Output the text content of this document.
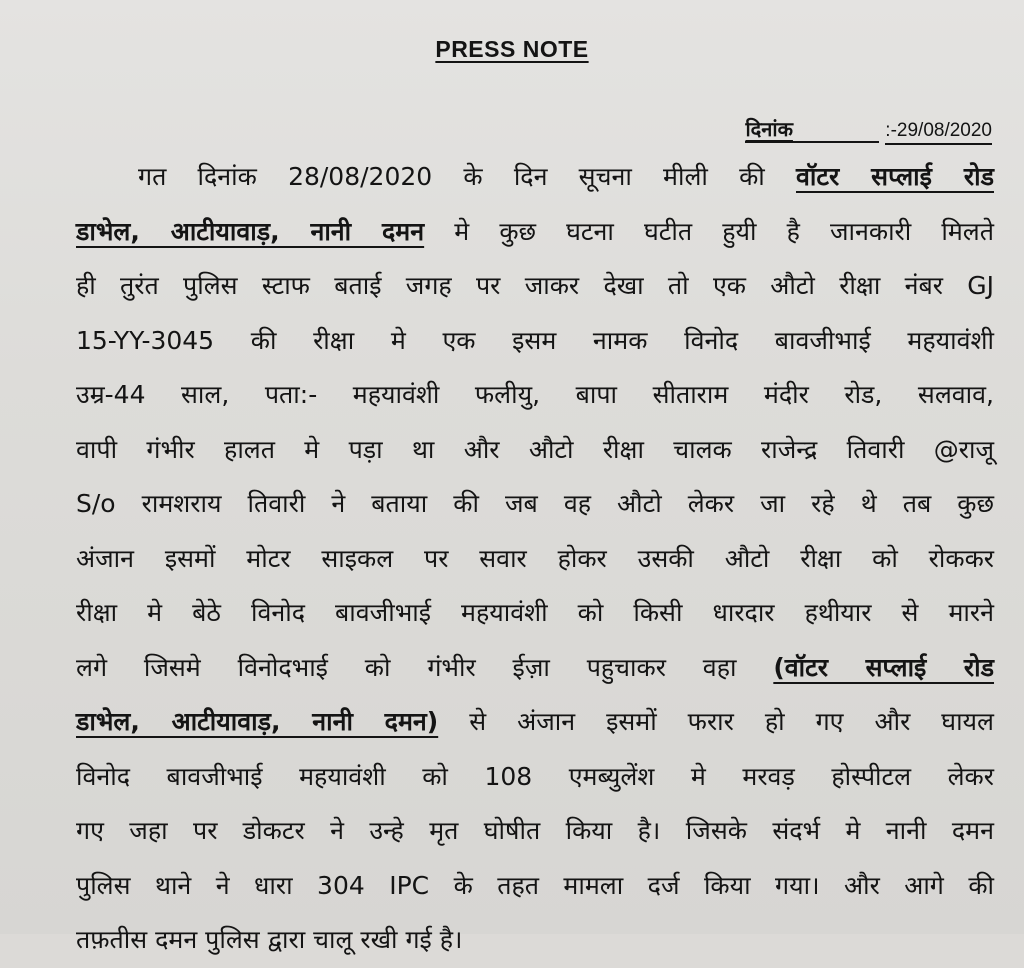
PRESS NOTE
दिनांक	:-29/08/2020
गत दिनांक 28/08/2020 के दिन सूचना मीली की वॉटर सप्लाई रोड
डाभेल, आटीयावाड़, नानी दमन मे कुछ घटना घटीत हुयी है जानकारी मिलते
ही तुरंत पुलिस स्टाफ बताई जगह पर जाकर देखा तो एक औटो रीक्षा नंबर GJ
15-YY-3045 की रीक्षा मे एक इसम नामक विनोद बावजीभाई महयावंशी
उम्र-44 साल, पता:- महयावंशी फलीयु, बापा सीताराम मंदीर रोड, सलवाव,
वापी गंभीर हालत मे पड़ा था और औटो रीक्षा चालक राजेन्द्र तिवारी @राजू
S/o रामशराय तिवारी ने बताया की जब वह औटो लेकर जा रहे थे तब कुछ
अंजान इसमों मोटर साइकल पर सवार होकर उसकी औटो रीक्षा को रोककर
रीक्षा मे बेठे विनोद बावजीभाई महयावंशी को किसी धारदार हथीयार से मारने
लगे जिसमे विनोदभाई को गंभीर ईज़ा पहुचाकर वहा (वॉटर सप्लाई रोड
डाभेल, आटीयावाड़, नानी दमन) से अंजान इसमों फरार हो गए और घायल
विनोद बावजीभाई महयावंशी को 108 एमब्युलेंश मे मरवड़ होस्पीटल लेकर
गए जहा पर डोकटर ने उन्हे मृत घोषीत किया है। जिसके संदर्भ मे नानी दमन
पुलिस थाने ने धारा 304 IPC के तहत मामला दर्ज किया गया। और आगे की
तफ़तीस दमन पुलिस द्वारा चालू रखी गई है।
